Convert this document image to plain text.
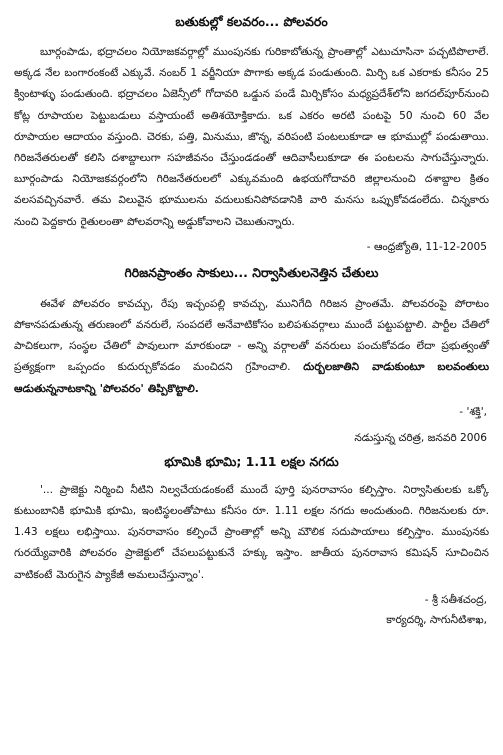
బతుకుల్లో కలవరం... పోలవరం

బూర్గంపాడు, భద్రాచలం నియోజకవర్గాల్లో ముంపునకు గురికాబోతున్న ప్రాంతాల్లో ఎటుచూసినా పచ్చటిపొలాలే. అక్కడ నేల బంగారంకంటే ఎక్కువే. నంబర్ 1 వర్జీనియా పొగాకు అక్కడ పండుతుంది. మిర్చి ఒక ఎకరాకు కనీసం 25 క్వింటాళ్ళు పండుతుంది. భద్రాచలం ఏజెన్సీలో గోదావరి ఒడ్డున పండే మిర్చికోసం మధ్యప్రదేశ్‌లోని జగదల్‌పూర్‌నుంచి కోట్ల రూపాయల పెట్టుబడులు వస్తాయంటే అతిశయోక్తికాదు. ఒక ఎకరం అరటి పంటపై 50 నుంచి 60 వేల రూపాయల ఆదాయం వస్తుంది. చెరకు, పత్తి, మినుము, జొన్న, వరిపంటి పంటలుకూడా ఆ భూముల్లో పండుతాయి. గిరిజనేతరులతో కలిసి దశాబ్దాలుగా సహజీవనం చేస్తుండడంతో ఆదివాసీలుకూడా ఈ పంటలను సాగుచేస్తున్నారు. బూర్గంపాడు నియోజకవర్గంలోని గిరిజనేతరులలో ఎక్కువమంది ఉభయగోదావరి జిల్లాలనుంచి దశాబ్దాల క్రితం వలసవచ్చినవారే. తమ విలువైన భూములను వదులుకునిపోవడానికి వారి మనసు ఒప్పుకోవడంలేదు. చిన్నకారు నుంచి పెద్దకారు రైతులంతా పోలవరాన్ని అడ్డుకోవాలని చెబుతున్నారు.

- ఆంధ్రజ్యోతి, 11-12-2005

గిరిజనప్రాంతం సాకులు... నిర్వాసితులనెత్తిన చేతులు

ఈవేళ పోలవరం కావచ్చు, రేపు ఇచ్చంపల్లి కావచ్చు, మునిగేది గిరిజన ప్రాంతమే. పోలవరంపై పోరాటం పోకానపడుతున్న తరుణంలో వనరులే, సంపదలే అనేవాటికోసం బలిపశువర్గాలు ముందే పట్టుపట్టాలి. పార్టీల చేతిలో పాచికలుగా, సంస్థల చేతిలో పావులుగా మారకుండా - అన్ని వర్గాలతో వనరులు పంచుకోవడం లేదా ప్రభుత్వంతో ప్రత్యక్షంగా ఒప్పందం కుదుర్చుకోవడం మంచిదని గ్రహించాలి. దుర్బలజాతిని వాడుకుంటూ బలవంతులు ఆడుతున్ననాటకాన్ని 'పోలవరం' తిప్పికొట్టాలి.

- 'శక్తి',

నడుస్తున్న చరిత్ర, జనవరి 2006

భూమికి భూమి; 1.11 లక్షల నగదు

'... ప్రాజెక్టు నిర్మించి నీటిని నిల్వచేయడంకంటే ముందే పూర్తి పునరావాసం కల్పిస్తాం. నిర్వాసితులకు ఒక్కో కుటుంబానికి భూమికి భూమి, ఇంటిస్థలంతోపాటు కనీసం రూ. 1.11 లక్షల నగదు అందుతుంది. గిరిజనులకు రూ. 1.43 లక్షలు లభిస్తాయి. పునరావాసం కల్పించే ప్రాంతాల్లో అన్ని మౌలిక సదుపాయాలు కల్పిస్తాం. ముంపునకు గురయ్యేవారికి పోలవరం ప్రాజెక్టులో చేపలుపట్టుకునే హక్కు ఇస్తాం. జాతీయ పునరావాస కమిషన్ సూచించిన వాటికంటే మెరుగైన ప్యాకేజీ అమలుచేస్తున్నాం'.

- శ్రీ సతీశచంద్ర,

కార్యదర్శి, సాగునీటిశాఖ,
